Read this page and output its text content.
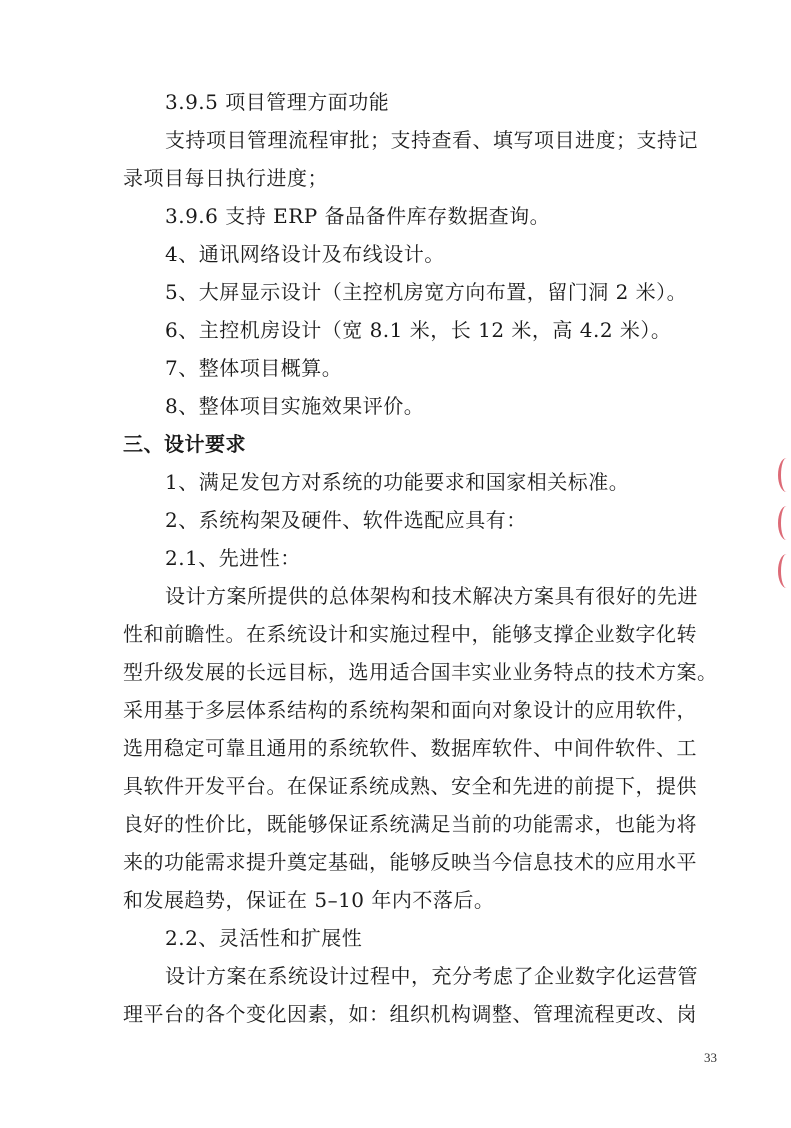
3.9.5 项目管理方面功能
支持项目管理流程审批；支持查看、填写项目进度；支持记
录项目每日执行进度；
3.9.6 支持 ERP 备品备件库存数据查询。
4、通讯网络设计及布线设计。
5、大屏显示设计（主控机房宽方向布置，留门洞 2 米）。
6、主控机房设计（宽 8.1 米，长 12 米，高 4.2 米）。
7、整体项目概算。
8、整体项目实施效果评价。
三、设计要求
1、满足发包方对系统的功能要求和国家相关标准。
2、系统构架及硬件、软件选配应具有：
2.1、先进性：
设计方案所提供的总体架构和技术解决方案具有很好的先进
性和前瞻性。在系统设计和实施过程中，能够支撑企业数字化转
型升级发展的长远目标，选用适合国丰实业业务特点的技术方案。
采用基于多层体系结构的系统构架和面向对象设计的应用软件，
选用稳定可靠且通用的系统软件、数据库软件、中间件软件、工
具软件开发平台。在保证系统成熟、安全和先进的前提下，提供
良好的性价比，既能够保证系统满足当前的功能需求，也能为将
来的功能需求提升奠定基础，能够反映当今信息技术的应用水平
和发展趋势，保证在 5–10 年内不落后。
2.2、灵活性和扩展性
设计方案在系统设计过程中，充分考虑了企业数字化运营管
理平台的各个变化因素，如：组织机构调整、管理流程更改、岗
33
